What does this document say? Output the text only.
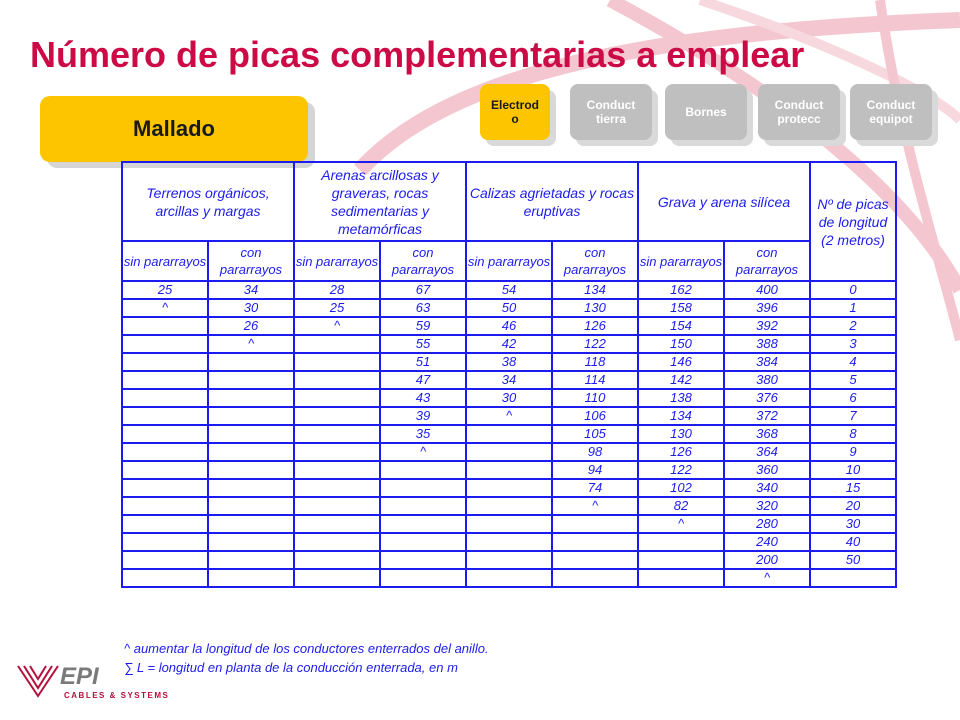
Número de picas complementarias a emplear
Mallado
Electrod
o
Conduct
tierra	Bornes	Conduct
protecc
Conduct
equipot
Terrenos orgánicos, arcillas y margas		Arenas arcillosas y graveras, rocas sedimentarias y metamórficas		Calizas agrietadas y rocas eruptivas		Grava y arena silícea		Nº de picas de longitud (2 metros)
sin pararrayos	con pararrayos	sin pararrayos	con pararrayos	sin pararrayos	con pararrayos	sin pararrayos	con pararrayos	
25	34	28	67	54	134	162	400	0
^	30	25	63	50	130	158	396	1
	26	^	59	46	126	154	392	2
	^		55	42	122	150	388	3
			51	38	118	146	384	4
			47	34	114	142	380	5
			43	30	110	138	376	6
			39	^	106	134	372	7
			35		105	130	368	8
			^		98	126	364	9
					94	122	360	10
					74	102	340	15
					^	82	320	20
						^	280	30
							240	40
							200	50
							^	
^ aumentar la longitud de los conductores enterrados del anillo.
∑ L = longitud en planta de la conducción enterrada, en m
EPI
CABLES & SYSTEMS
